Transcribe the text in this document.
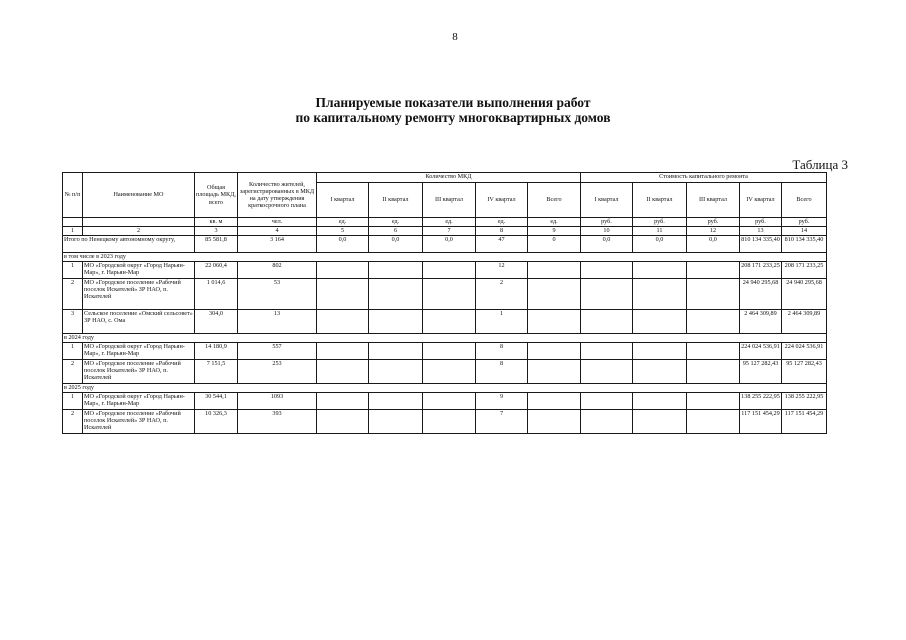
8
Планируемые показатели выполнения работ
по капитальному ремонту многоквартирных домов
Таблица 3
№ п/п	Наименование МО	Общая площадь МКД, всего	Количество жителей, зарегистрированных в МКД на дату утверждения краткосрочного плана	Количество МКД					Стоимость капитального ремонта				
				I квартал	II квартал	III квартал	IV квартал	Всего	I квартал	II квартал	III квартал	IV квартал	Всего
		кв. м	чел.	ед.	ед.	ед.	ед.	ед.	руб.	руб.	руб.	руб.	руб.
1	2	3	4	5	6	7	8	9	10	11	12	13	14
Итого по Ненецкому автономному округу,		85 581,8	3 164	0,0	0,0	0,0	47	0	0,0	0,0	0,0	810 134 335,40	810 134 335,40
в том числе в 2023 году													
1	МО «Городской округ «Город Нарьян-Мар», г. Нарьян-Мар	22 060,4	802				12					208 171 233,25	208 171 233,25
2	МО «Городское поселение «Рабочий поселок Искателей» ЗР НАО, п. Искателей	1 014,6	53				2					24 940 295,68	24 940 295,68
3	Сельское поселение «Омский сельсовет» ЗР НАО, с. Ома	304,0	13				1					2 464 309,89	2 464 309,89
в 2024 году													
1	МО «Городской округ «Город Нарьян-Мар», г. Нарьян-Мар	14 180,9	557				8					224 024 536,91	224 024 536,91
2	МО «Городское поселение «Рабочий поселок Искателей» ЗР НАО, п. Искателей	7 151,5	253				8					95 127 282,43	95 127 282,43
в 2025 году													
1	МО «Городской округ «Город Нарьян-Мар», г. Нарьян-Мар	30 544,1	1093				9					138 255 222,95	138 255 222,95
2	МО «Городское поселение «Рабочий поселок Искателей» ЗР НАО, п. Искателей	10 326,3	393				7					117 151 454,29	117 151 454,29
